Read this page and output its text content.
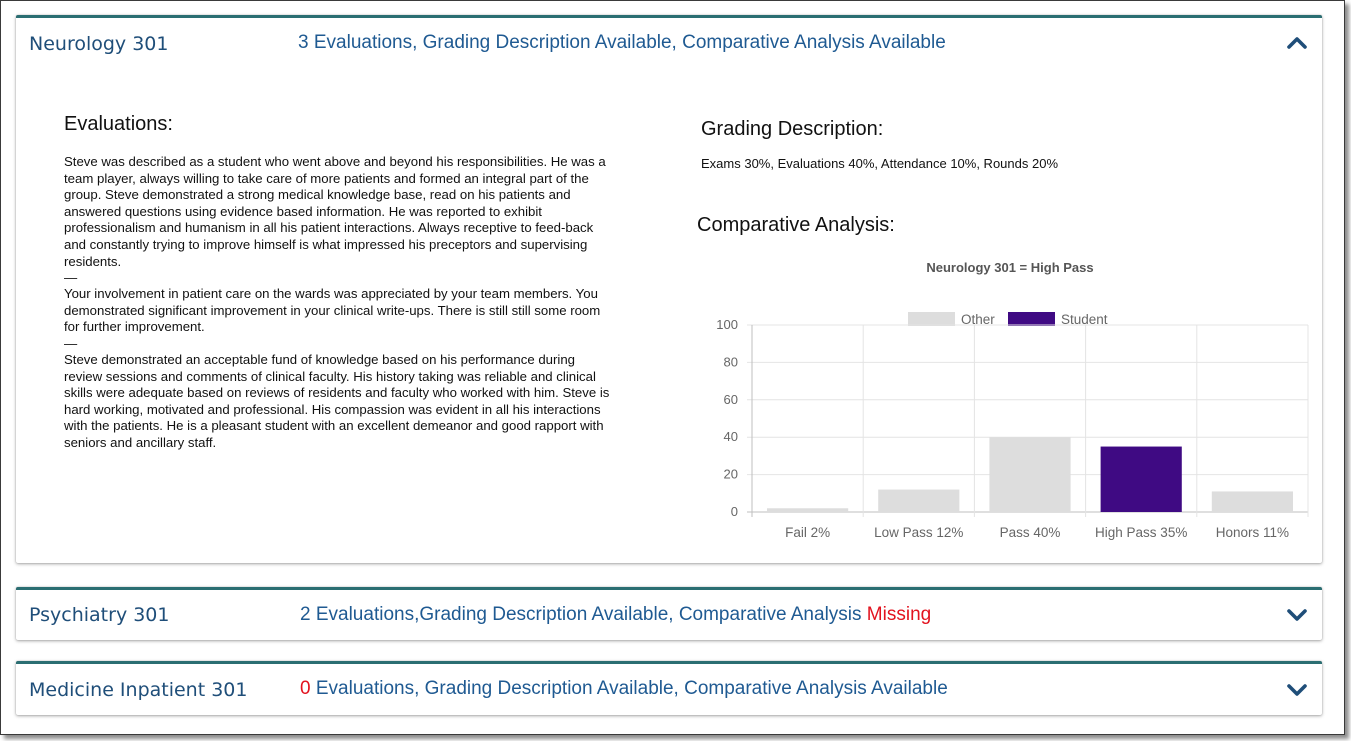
Neurology 301	3 Evaluations, Grading Description Available, Comparative Analysis Available
Evaluations:

Steve was described as a student who went above and beyond his responsibilities. He was a team player, always willing to take care of more patients and formed an integral part of the group. Steve demonstrated a strong medical knowledge base, read on his patients and answered questions using evidence based information. He was reported to exhibit professionalism and humanism in all his patient interactions. Always receptive to feed-back and constantly trying to improve himself is what impressed his preceptors and supervising residents.

—

Your involvement in patient care on the wards was appreciated by your team members. You demonstrated significant improvement in your clinical write-ups. There is still still some room for further improvement.

—

Steve demonstrated an acceptable fund of knowledge based on his performance during review sessions and comments of clinical faculty. His history taking was reliable and clinical skills were adequate based on reviews of residents and faculty who worked with him. Steve is hard working, motivated and professional. His compassion was evident in all his interactions with the patients. He is a pleasant student with an excellent demeanor and good rapport with seniors and ancillary staff.

Grading Description:
Exams 30%, Evaluations 40%, Attendance 10%, Rounds 20%
Comparative Analysis:
Neurology 301 = High Pass
Other	Student
0
20
40
60
80
100
Fail 2%	Low Pass 12%	Pass 40%	High Pass 35% Honors 11%
Psychiatry 301	2 Evaluations,Grading Description Available, Comparative Analysis Missing
Medicine Inpatient 301	0 Evaluations, Grading Description Available, Comparative Analysis Available
